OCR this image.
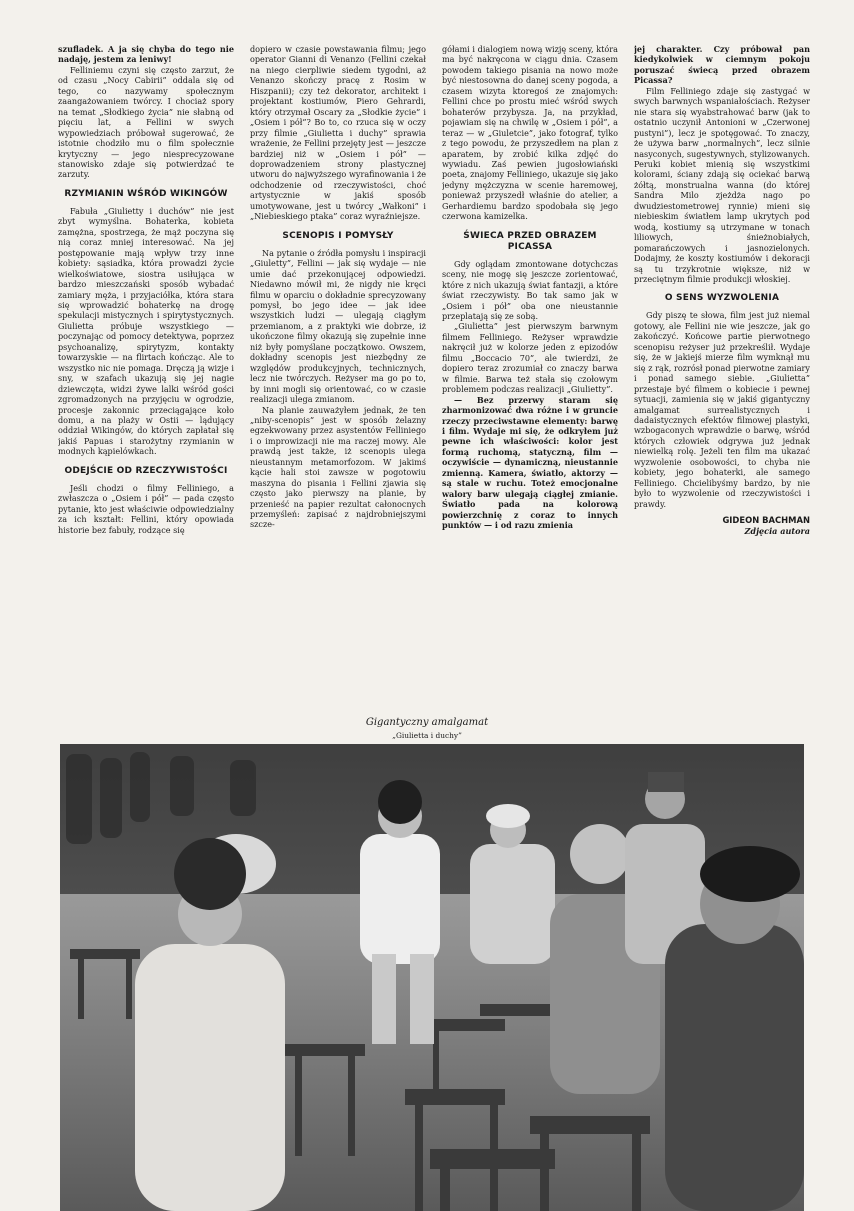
szufladek. A ja się chyba do tego nie nadaję, jestem za leniwy!

Felliniemu czyni się często zarzut, że od czasu „Nocy Cabirii” oddala się od tego, co nazywamy społecznym zaangażowaniem twórcy. I chociaż spory na temat „Słodkiego życia” nie słabną od pięciu lat, a Fellini w swych wypowiedziach próbował sugerować, że istotnie chodziło mu o film społecznie krytyczny — jego niesprecyzowane stanowisko zdaje się potwierdzać te zarzuty.

RZYMIANIN WŚRÓD WIKINGÓW

Fabuła „Giulietty i duchów” nie jest zbyt wymyślna. Bohaterka, kobieta zamężna, spostrzega, że mąż poczyna się nią coraz mniej interesować. Na jej postępowanie mają wpływ trzy inne kobiety: sąsiadka, która prowadzi życie wielkoświatowe, siostra usiłująca w bardzo mieszczański sposób wybadać zamiary męża, i przyjaciółka, która stara się wprowadzić bohaterkę na drogę spekulacji mistycznych i spirytystycznych. Giulietta próbuje wszystkiego — poczynając od pomocy detektywa, poprzez psychoanalizę, spirytyzm, kontakty towarzyskie — na flirtach kończąc. Ale to wszystko nic nie pomaga. Dręczą ją wizje i sny, w szafach ukazują się jej nagie dziewczęta, widzi żywe lalki wśród gości zgromadzonych na przyjęciu w ogrodzie, procesje zakonnic przeciągające koło domu, a na plaży w Ostii — lądujący oddział Wikingów, do których zapłatał się jakiś Papuas i starożytny rzymianin w modnych kąpielówkach.

ODEJŚCIE OD RZECZYWISTOŚCI

Jeśli chodzi o filmy Felliniego, a zwłaszcza o „Osiem i pół” — pada często pytanie, kto jest właściwie odpowiedzialny za ich kształt: Fellini, który opowiada historie bez fabuły, rodzące się

dopiero w czasie powstawania filmu; jego operator Gianni di Venanzo (Fellini czekał na niego cierpliwie siedem tygodni, aż Venanzo skończy pracę z Rosim w Hiszpanii); czy też dekorator, architekt i projektant kostiumów, Piero Gehrardi, który otrzymał Oscary za „Słodkie życie” i „Osiem i pół”? Bo to, co rzuca się w oczy przy filmie „Giulietta i duchy” sprawia wrażenie, że Fellini przejęty jest — jeszcze bardziej niż w „Osiem i pół” — doprowadzeniem strony plastycznej utworu do najwyższego wyrafinowania i że odchodzenie od rzeczywistości, choć artystycznie w jakiś sposób umotywowane, jest u twórcy „Wałkoni” i „Niebieskiego ptaka” coraz wyraźniejsze.

SCENOPIS I POMYSŁY

Na pytanie o źródła pomysłu i inspiracji „Giuletty”, Fellini — jak się wydaje — nie umie dać przekonującej odpowiedzi. Niedawno mówił mi, że nigdy nie kręci filmu w oparciu o dokładnie sprecyzowany pomysł, bo jego idee — jak idee wszystkich ludzi — ulegają ciągłym przemianom, a z praktyki wie dobrze, iż ukończone filmy okazują się zupełnie inne niż były pomyślane początkowo. Owszem, dokładny scenopis jest niezbędny ze względów produkcyjnych, technicznych, lecz nie twórczych. Reżyser ma go po to, by inni mogli się orientować, co w czasie realizacji ulega zmianom.

Na planie zauważyłem jednak, że ten „niby-scenopis” jest w sposób żelazny egzekwowany przez asystentów Felliniego i o improwizacji nie ma raczej mowy. Ale prawdą jest także, iż scenopis ulega nieustannym metamorfozom. W jakimś kącie hali stoi zawsze w pogotowiu maszyna do pisania i Fellini zjawia się często jako pierwszy na planie, by przenieść na papier rezultat całonocnych przemyśleń: zapisać z najdrobniejszymi szcze-

gółami i dialogiem nową wizję sceny, która ma być nakręcona w ciągu dnia. Czasem powodem takiego pisania na nowo może być niestosowna do danej sceny pogoda, a czasem wizyta ktoregoś ze znajomych: Fellini chce po prostu mieć wśród swych bohaterów przybysza. Ja, na przykład, pojawiam się na chwilę w „Osiem i pół”, a teraz — w „Giuletcie”, jako fotograf, tylko z tego powodu, że przyszedłem na plan z aparatem, by zrobić kilka zdjęć do wywiadu. Zaś pewien jugosłowiański poeta, znajomy Felliniego, ukazuje się jako jedyny mężczyzna w scenie haremowej, ponieważ przyszedł właśnie do atelier, a Gerhardiemu bardzo spodobała się jego czerwona kamizelka.

ŚWIECA PRZED OBRAZEM PICASSA

Gdy oglądam zmontowane dotychczas sceny, nie mogę się jeszcze zorientować, które z nich ukazują świat fantazji, a które świat rzeczywisty. Bo tak samo jak w „Osiem i pół” oba one nieustannie przeplatają się ze sobą.

„Giulietta” jest pierwszym barwnym filmem Felliniego. Reżyser wprawdzie nakręcił już w kolorze jeden z epizodów filmu „Boccacio 70”, ale twierdzi, że dopiero teraz zrozumiał co znaczy barwa w filmie. Barwa też stała się czołowym problemem podczas realizacji „Giulietty”.

— Bez przerwy staram się zharmonizować dwa różne i w gruncie rzeczy przeciwstawne elementy: barwę i film. Wydaje mi się, że odkryłem już pewne ich właściwości: kolor jest formą ruchomą, statyczną, film — oczywiście — dynamiczną, nieustannie zmienną. Kamera, światło, aktorzy — są stale w ruchu. Toteż emocjonalne walory barw ulegają ciągłej zmianie. Światło pada na kolorową powierzchnię z coraz to innych punktów — i od razu zmienia

jej charakter. Czy próbował pan kiedykolwiek w ciemnym pokoju poruszać świecą przed obrazem Picassa?

Film Felliniego zdaje się zastygać w swych barwnych wspaniałościach. Reżyser nie stara się wyabstrahować barw (jak to ostatnio uczynił Antonioni w „Czerwonej pustyni”), lecz je spotęgować. To znaczy, że używa barw „normalnych”, lecz silnie nasyconych, sugestywnych, stylizowanych. Peruki kobiet mienią się wszystkimi kolorami, ściany zdają się ociekać barwą żółtą, monstrualna wanna (do której Sandra Milo zjeżdża nago po dwudziestometrowej rynnie) mieni się niebieskim światłem lamp ukrytych pod wodą, kostiumy są utrzymane w tonach liliowych, śnieżnobiałych, pomarańczowych i jasnozielonych. Dodajmy, że koszty kostiumów i dekoracji są tu trzykrotnie większe, niż w przeciętnym filmie produkcji włoskiej.

O SENS WYZWOLENIA

Gdy piszę te słowa, film jest już niemal gotowy, ale Fellini nie wie jeszcze, jak go zakończyć. Końcowe partie pierwotnego scenopisu reżyser już przekreślił. Wydaje się, że w jakiejś mierze film wymknął mu się z rąk, rozrósł ponad pierwotne zamiary i ponad samego siebie. „Giulietta” przestaje być filmem o kobiecie i pewnej sytuacji, zamienia się w jakiś gigantyczny amalgamat surrealistycznych i dadaistycznych efektów filmowej plastyki, wzbogaconych wprawdzie o barwę, wśród których człowiek odgrywa już jednak niewielką rolę. Jeżeli ten film ma ukazać wyzwolenie osobowości, to chyba nie kobiety, jego bohaterki, ale samego Felliniego. Chcielibyśmy bardzo, by nie było to wyzwolenie od rzeczywistości i prawdy.

GIDEON BACHMAN
Zdjęcia autora
Gigantyczny amalgamat
„Giulietta i duchy”
